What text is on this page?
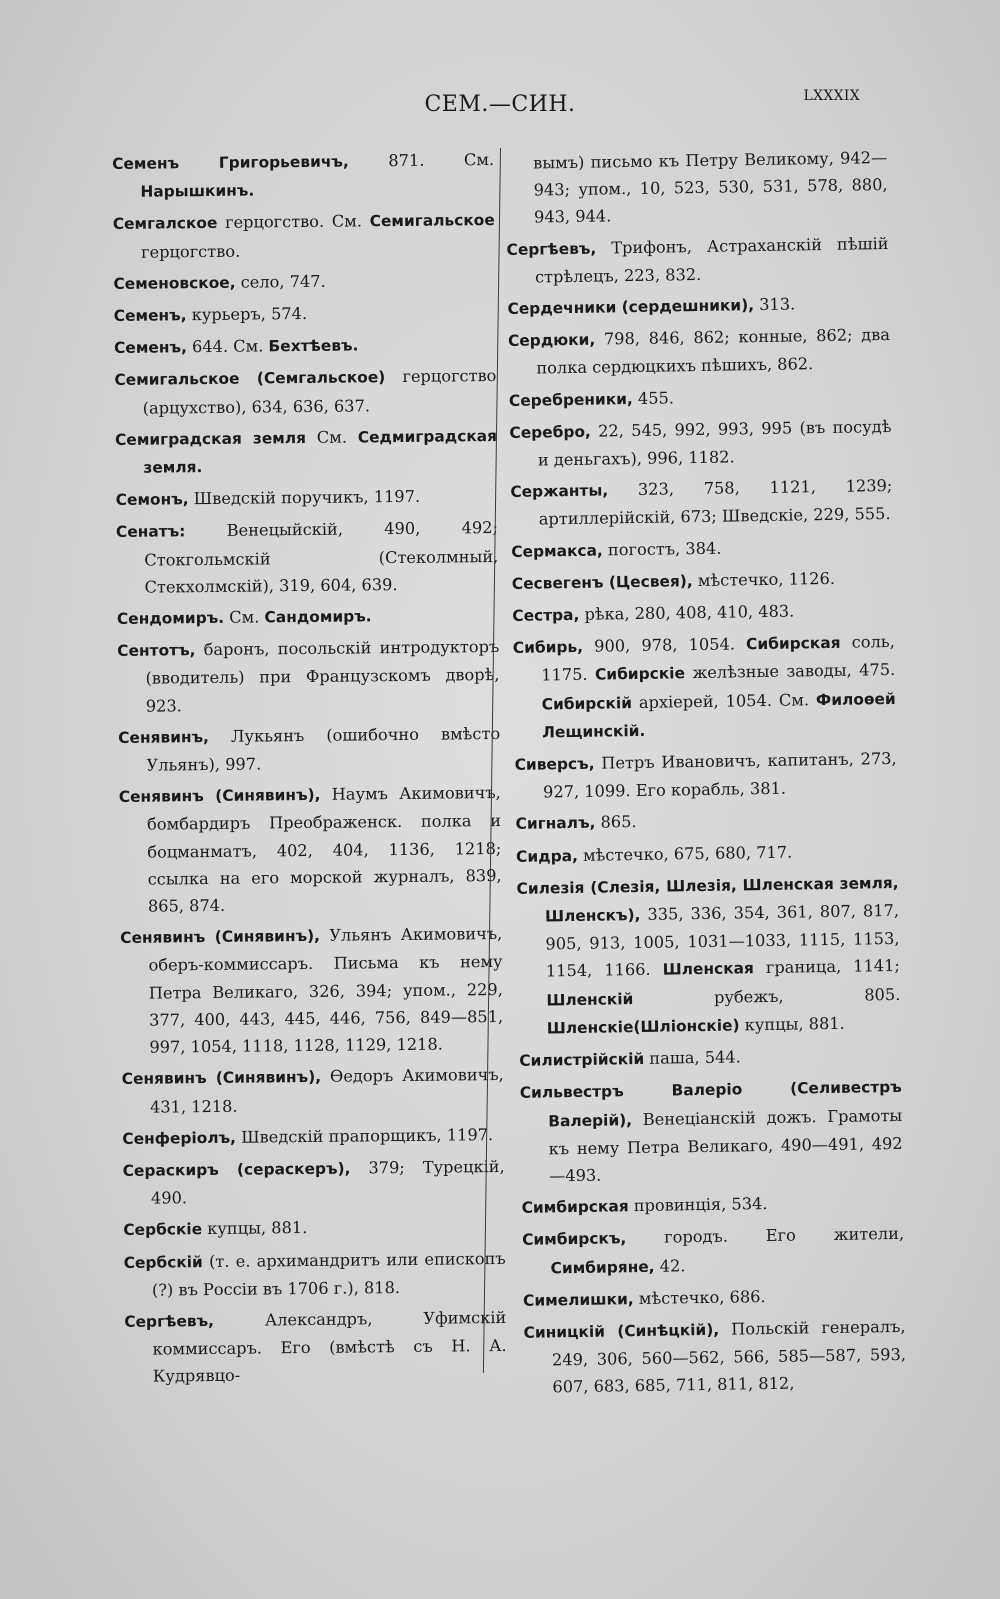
СЕМ.—СИН.	LXXXIX
Семенъ Григорьевичъ, 871. См. Нарышкинъ.
Семгалское герцогство. См. Семигальское герцогство.
Семеновское, село, 747.
Семенъ, курьеръ, 574.
Семенъ, 644. См. Бехтѣевъ.
Семигальское (Семгальское) герцогство (арцухство), 634, 636, 637.
Семиградская земля См. Седмиградская земля.
Семонъ, Шведскій поручикъ, 1197.
Сенатъ: Венецыйскій, 490, 492; Стокгольмскій (Стеколмный, Стекхолмскій), 319, 604, 639.
Сендомиръ. См. Сандомиръ.
Сентотъ, баронъ, посольскій интродукторъ (вводитель) при Французскомъ дворѣ, 923.
Сенявинъ, Лукьянъ (ошибочно вмѣсто Ульянъ), 997.
Сенявинъ (Синявинъ), Наумъ Акимовичъ, бомбардиръ Преображенск. полка и боцманматъ, 402, 404, 1136, 1218; ссылка на его морской журналъ, 839, 865, 874.
Сенявинъ (Синявинъ), Ульянъ Акимовичъ, оберъ-коммиссаръ. Письма къ нему Петра Великаго, 326, 394; упом., 229, 377, 400, 443, 445, 446, 756, 849—851, 997, 1054, 1118, 1128, 1129, 1218.
Сенявинъ (Синявинъ), Ѳедоръ Акимовичъ, 431, 1218.
Сенферіолъ, Шведскій прапорщикъ, 1197.
Сераскиръ (сераскеръ), 379; Турецкій, 490.
Сербскіе купцы, 881.
Сербскій (т. е. архимандритъ или епископъ (?) въ Россіи въ 1706 г.), 818.
Сергѣевъ, Александръ, Уфимскій коммиссаръ. Его (вмѣстѣ съ Н. А. Кудрявцо-
вымъ) письмо къ Петру Великому, 942—943; упом., 10, 523, 530, 531, 578, 880, 943, 944.
Сергѣевъ, Трифонъ, Астраханскій пѣшій стрѣлецъ, 223, 832.
Сердечники (сердешники), 313.
Сердюки, 798, 846, 862; конные, 862; два полка сердюцкихъ пѣшихъ, 862.
Серебреники, 455.
Серебро, 22, 545, 992, 993, 995 (въ посудѣ и деньгахъ), 996, 1182.
Сержанты, 323, 758, 1121, 1239; артиллерійскій, 673; Шведскіе, 229, 555.
Сермакса, погостъ, 384.
Сесвегенъ (Цесвея), мѣстечко, 1126.
Сестра, рѣка, 280, 408, 410, 483.
Сибирь, 900, 978, 1054. Сибирская соль, 1175. Сибирскіе желѣзные заводы, 475. Сибирскій архіерей, 1054. См. Филоѳей Лещинскій.
Сиверсъ, Петръ Ивановичъ, капитанъ, 273, 927, 1099. Его корабль, 381.
Сигналъ, 865.
Сидра, мѣстечко, 675, 680, 717.
Силезія (Слезія, Шлезія, Шленская земля, Шленскъ), 335, 336, 354, 361, 807, 817, 905, 913, 1005, 1031—1033, 1115, 1153, 1154, 1166. Шленская граница, 1141; Шленскій рубежъ, 805. Шленскіе(Шліонскіе) купцы, 881.
Силистрійскій паша, 544.
Сильвестръ Валеріо (Селивестръ Валерій), Венеціанскій дожъ. Грамоты къ нему Петра Великаго, 490—491, 492—493.
Симбирская провинція, 534.
Симбирскъ, городъ. Его жители, Симбиряне, 42.
Симелишки, мѣстечко, 686.
Синицкій (Синѣцкій), Польскій генералъ, 249, 306, 560—562, 566, 585—587, 593, 607, 683, 685, 711, 811, 812,
